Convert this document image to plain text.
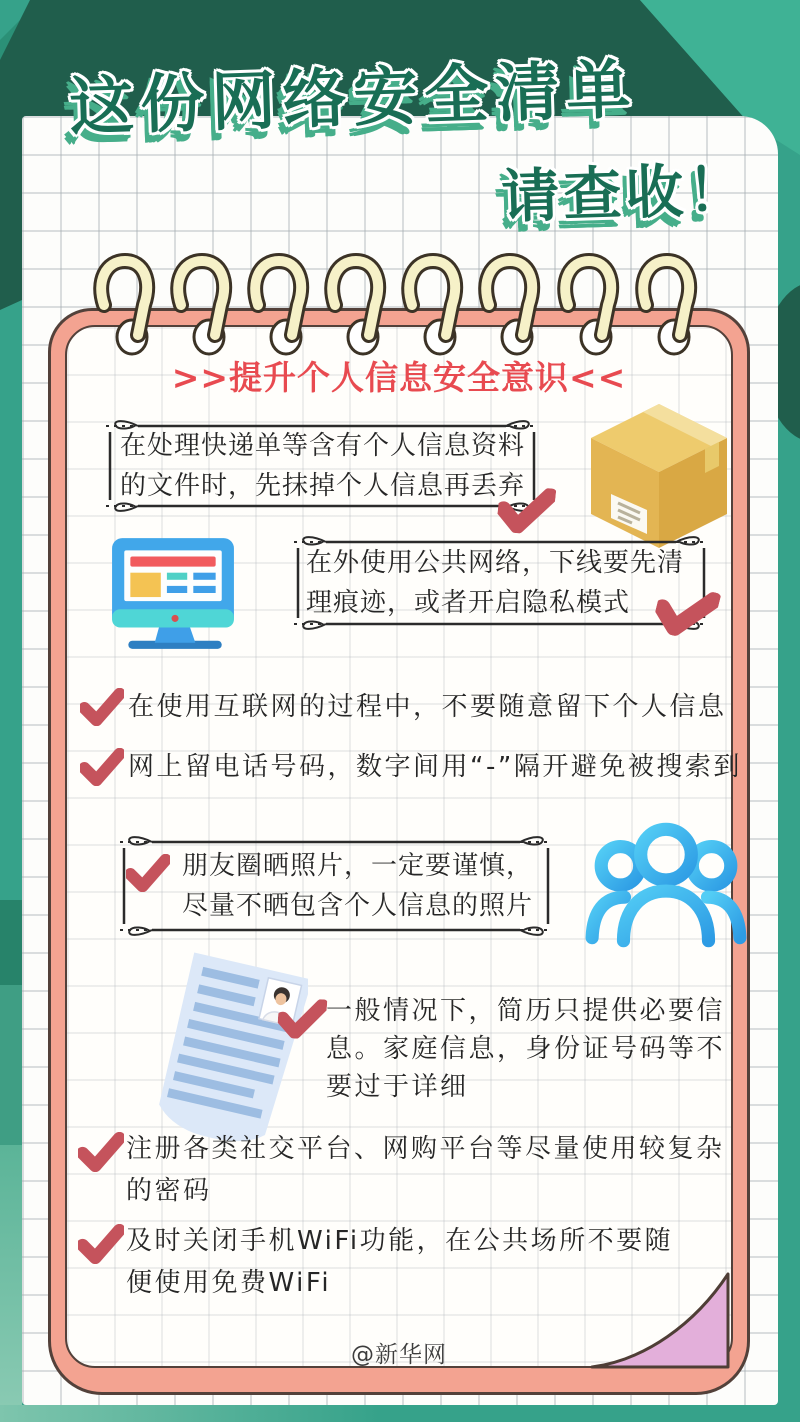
这份网络安全清单
请查收！
>>提升个人信息安全意识<<
在处理快递单等含有个人信息资料的文件时，先抹掉个人信息再丢弃
在外使用公共网络，下线要先清理痕迹，或者开启隐私模式
在使用互联网的过程中，不要随意留下个人信息
网上留电话号码，数字间用“-”隔开避免被搜索到
朋友圈晒照片，一定要谨慎，尽量不晒包含个人信息的照片
一般情况下，简历只提供必要信息。家庭信息，身份证号码等不要过于详细
注册各类社交平台、网购平台等尽量使用较复杂的密码
及时关闭手机WiFi功能，在公共场所不要随便使用免费WiFi
@新华网
